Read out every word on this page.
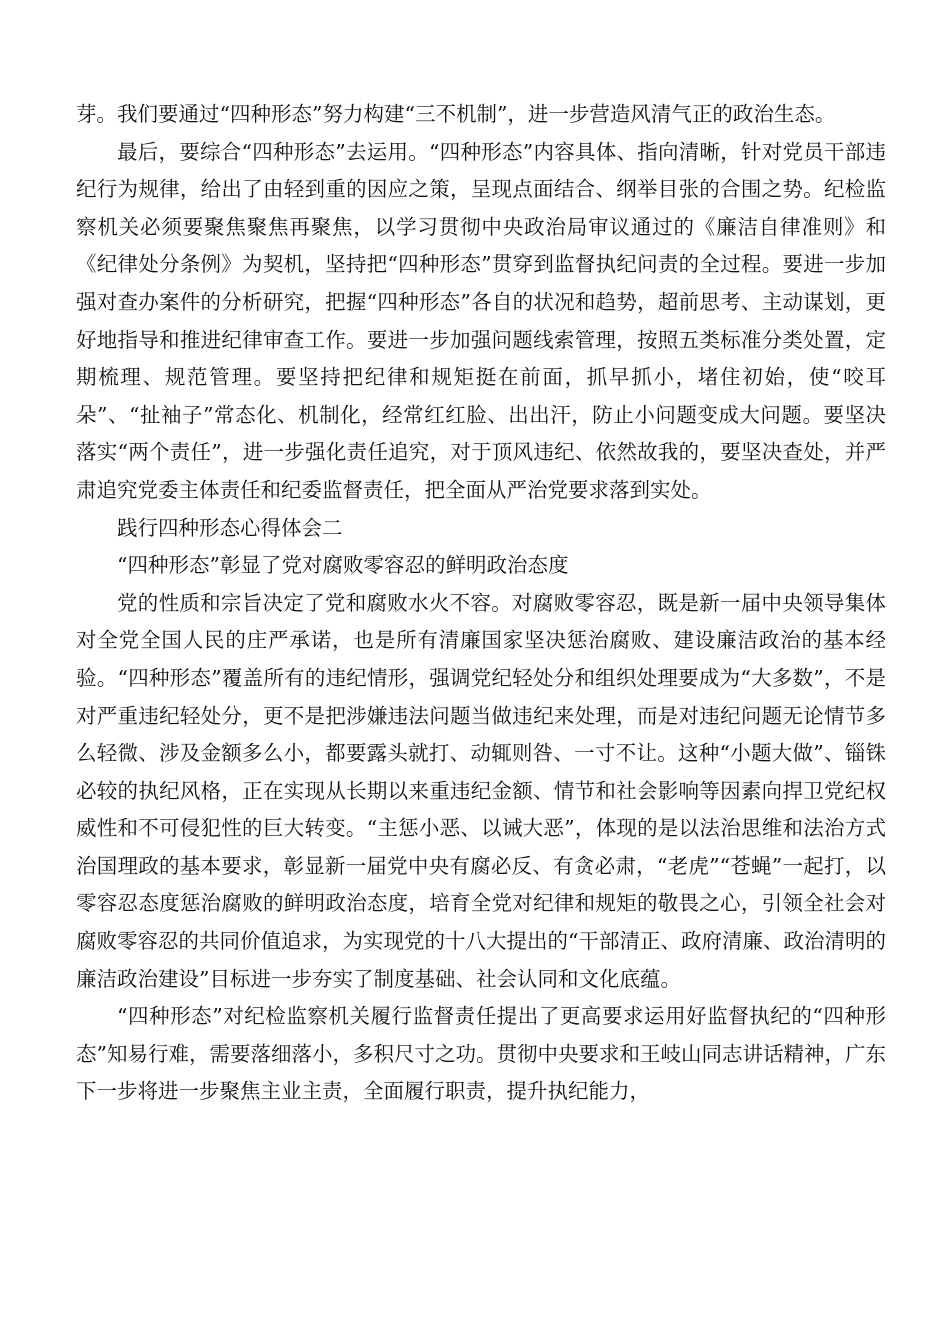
芽。我们要通过“四种形态”努力构建“三不机制”，进一步营造风清气正的政治生态。

最后，要综合“四种形态”去运用。“四种形态”内容具体、指向清晰，针对党员干部违纪行为规律，给出了由轻到重的因应之策，呈现点面结合、纲举目张的合围之势。纪检监察机关必须要聚焦聚焦再聚焦，以学习贯彻中央政治局审议通过的《廉洁自律准则》和《纪律处分条例》为契机，坚持把“四种形态”贯穿到监督执纪问责的全过程。要进一步加强对查办案件的分析研究，把握“四种形态”各自的状况和趋势，超前思考、主动谋划，更好地指导和推进纪律审查工作。要进一步加强问题线索管理，按照五类标准分类处置，定期梳理、规范管理。要坚持把纪律和规矩挺在前面，抓早抓小，堵住初始，使“咬耳朵”、“扯袖子”常态化、机制化，经常红红脸、出出汗，防止小问题变成大问题。要坚决落实“两个责任”，进一步强化责任追究，对于顶风违纪、依然故我的，要坚决查处，并严肃追究党委主体责任和纪委监督责任，把全面从严治党要求落到实处。

践行四种形态心得体会二

“四种形态”彰显了党对腐败零容忍的鲜明政治态度

党的性质和宗旨决定了党和腐败水火不容。对腐败零容忍，既是新一届中央领导集体对全党全国人民的庄严承诺，也是所有清廉国家坚决惩治腐败、建设廉洁政治的基本经验。“四种形态”覆盖所有的违纪情形，强调党纪轻处分和组织处理要成为“大多数”，不是对严重违纪轻处分，更不是把涉嫌违法问题当做违纪来处理，而是对违纪问题无论情节多么轻微、涉及金额多么小，都要露头就打、动辄则咎、一寸不让。这种“小题大做”、锱铢必较的执纪风格，正在实现从长期以来重违纪金额、情节和社会影响等因素向捍卫党纪权威性和不可侵犯性的巨大转变。“主惩小恶、以诫大恶”，体现的是以法治思维和法治方式治国理政的基本要求，彰显新一届党中央有腐必反、有贪必肃，“老虎”“苍蝇”一起打，以零容忍态度惩治腐败的鲜明政治态度，培育全党对纪律和规矩的敬畏之心，引领全社会对腐败零容忍的共同价值追求，为实现党的十八大提出的“干部清正、政府清廉、政治清明的廉洁政治建设”目标进一步夯实了制度基础、社会认同和文化底蕴。

“四种形态”对纪检监察机关履行监督责任提出了更高要求运用好监督执纪的“四种形态”知易行难，需要落细落小，多积尺寸之功。贯彻中央要求和王岐山同志讲话精神，广东下一步将进一步聚焦主业主责，全面履行职责，提升执纪能力，
